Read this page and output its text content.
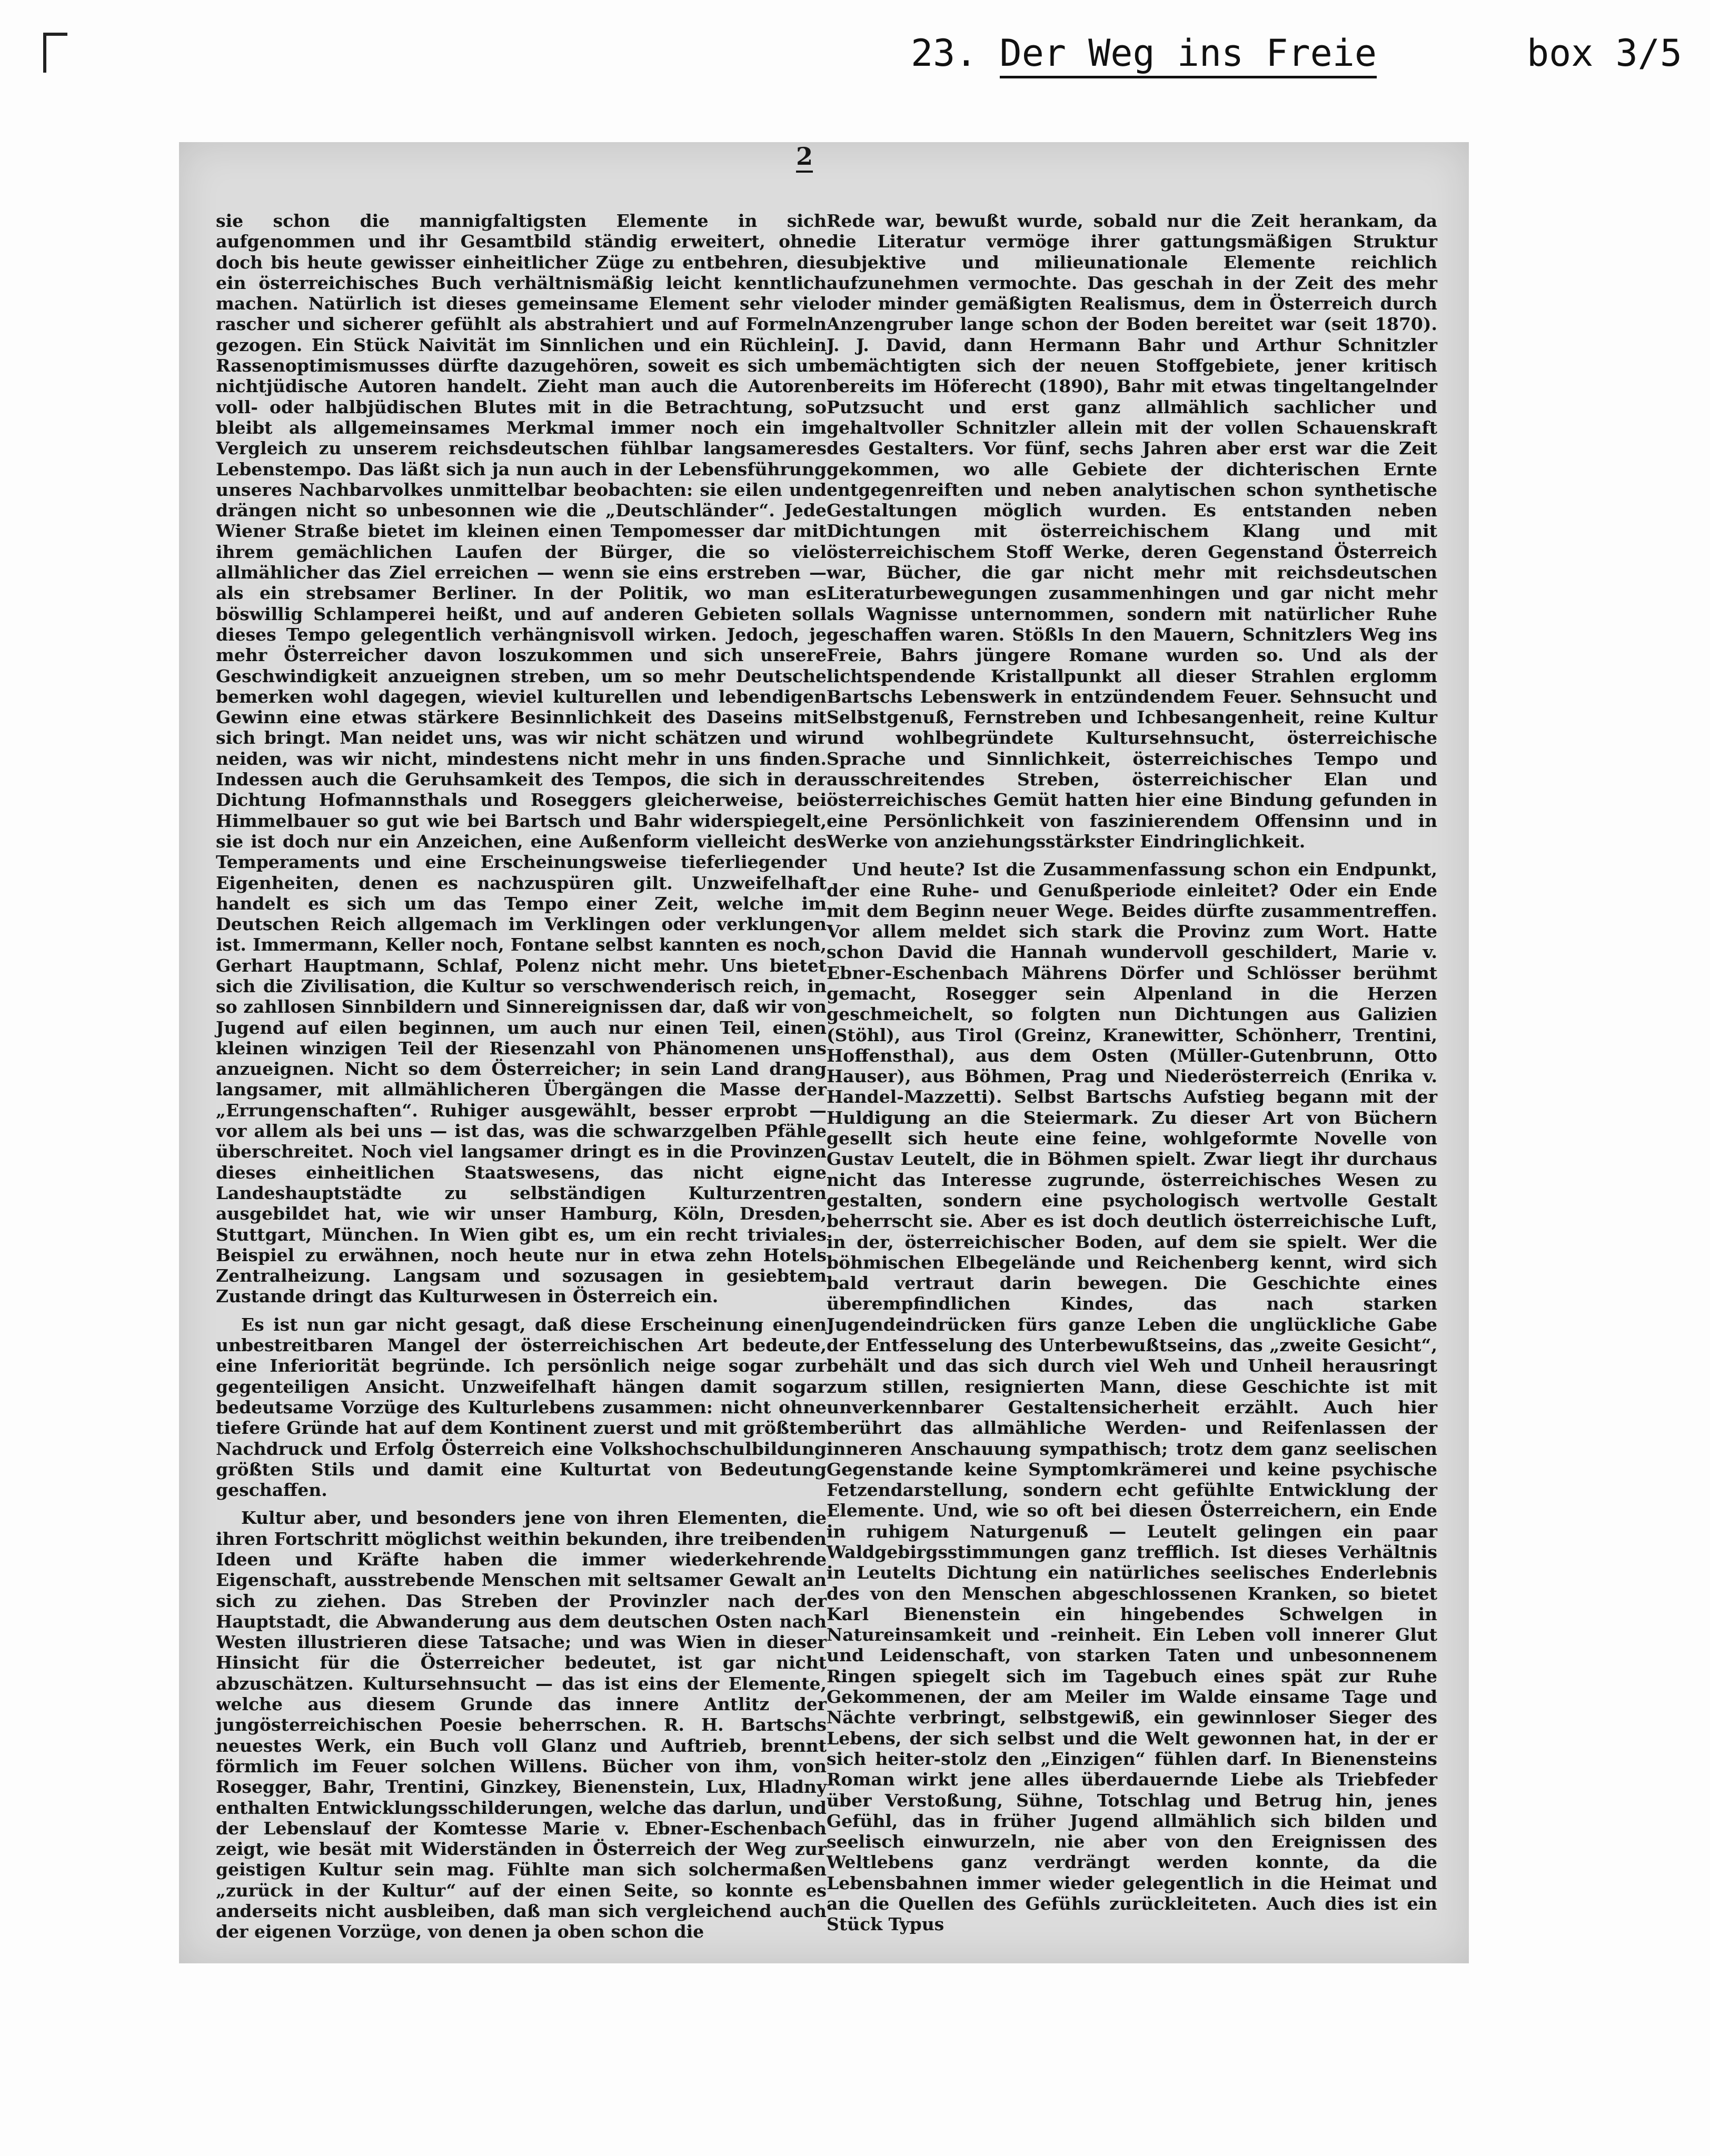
23. Der Weg ins Freie	box 3/5
2

sie schon die mannigfaltigsten Elemente in sich aufgenommen und ihr Gesamtbild ständig erweitert, ohne doch bis heute gewisser einheitlicher Züge zu entbehren, die ein österreichisches Buch verhältnismäßig leicht kenntlich machen. Natürlich ist dieses gemeinsame Element sehr viel rascher und sicherer gefühlt als abstrahiert und auf Formeln gezogen. Ein Stück Naivität im Sinnlichen und ein Rüchlein Rassenoptimismusses dürfte dazugehören, soweit es sich um nichtjüdische Autoren handelt. Zieht man auch die Autoren voll- oder halbjüdischen Blutes mit in die Betrachtung, so bleibt als allgemeinsames Merkmal immer noch ein im Vergleich zu unserem reichsdeutschen fühlbar langsameres Lebenstempo. Das läßt sich ja nun auch in der Lebensführung unseres Nachbarvolkes unmittelbar beobachten: sie eilen und drängen nicht so unbesonnen wie die „Deutschländer“. Jede Wiener Straße bietet im kleinen einen Tempomesser dar mit ihrem gemächlichen Laufen der Bürger, die so viel allmählicher das Ziel erreichen — wenn sie eins erstreben — als ein strebsamer Berliner. In der Politik, wo man es böswillig Schlamperei heißt, und auf anderen Gebieten soll dieses Tempo gelegentlich verhängnisvoll wirken. Jedoch, je mehr Österreicher davon loszukommen und sich unsere Geschwindigkeit anzueignen streben, um so mehr Deutsche bemerken wohl dagegen, wieviel kulturellen und lebendigen Gewinn eine etwas stärkere Besinnlichkeit des Daseins mit sich bringt. Man neidet uns, was wir nicht schätzen und wir neiden, was wir nicht, mindestens nicht mehr in uns finden. Indessen auch die Geruhsamkeit des Tempos, die sich in der Dichtung Hofmannsthals und Roseggers gleicherweise, bei Himmelbauer so gut wie bei Bartsch und Bahr widerspiegelt, sie ist doch nur ein Anzeichen, eine Außenform vielleicht des Temperaments und eine Erscheinungsweise tieferliegender Eigenheiten, denen es nachzuspüren gilt. Unzweifelhaft handelt es sich um das Tempo einer Zeit, welche im Deutschen Reich allgemach im Verklingen oder verklungen ist. Immermann, Keller noch, Fontane selbst kannten es noch, Gerhart Hauptmann, Schlaf, Polenz nicht mehr. Uns bietet sich die Zivilisation, die Kultur so verschwenderisch reich, in so zahllosen Sinnbildern und Sinnereignissen dar, daß wir von Jugend auf eilen beginnen, um auch nur einen Teil, einen kleinen winzigen Teil der Riesenzahl von Phänomenen uns anzueignen. Nicht so dem Österreicher; in sein Land drang langsamer, mit allmählicheren Übergängen die Masse der „Errungenschaften“. Ruhiger ausgewählt, besser erprobt — vor allem als bei uns — ist das, was die schwarzgelben Pfähle überschreitet. Noch viel langsamer dringt es in die Provinzen dieses einheitlichen Staatswesens, das nicht eigne Landeshauptstädte zu selbständigen Kulturzentren ausgebildet hat, wie wir unser Hamburg, Köln, Dresden, Stuttgart, München. In Wien gibt es, um ein recht triviales Beispiel zu erwähnen, noch heute nur in etwa zehn Hotels Zentralheizung. Langsam und sozusagen in gesiebtem Zustande dringt das Kulturwesen in Österreich ein.

Es ist nun gar nicht gesagt, daß diese Erscheinung einen unbestreitbaren Mangel der österreichischen Art bedeute, eine Inferiorität begründe. Ich persönlich neige sogar zur gegenteiligen Ansicht. Unzweifelhaft hängen damit sogar bedeutsame Vorzüge des Kulturlebens zusammen: nicht ohne tiefere Gründe hat auf dem Kontinent zuerst und mit größtem Nachdruck und Erfolg Österreich eine Volkshochschulbildung größten Stils und damit eine Kulturtat von Bedeutung geschaffen.

Kultur aber, und besonders jene von ihren Elementen, die ihren Fortschritt möglichst weithin bekunden, ihre treibenden Ideen und Kräfte haben die immer wiederkehrende Eigenschaft, ausstrebende Menschen mit seltsamer Gewalt an sich zu ziehen. Das Streben der Provinzler nach der Hauptstadt, die Abwanderung aus dem deutschen Osten nach Westen illustrieren diese Tatsache; und was Wien in dieser Hinsicht für die Österreicher bedeutet, ist gar nicht abzuschätzen. Kultursehnsucht — das ist eins der Elemente, welche aus diesem Grunde das innere Antlitz der jungösterreichischen Poesie beherrschen. R. H. Bartschs neuestes Werk, ein Buch voll Glanz und Auftrieb, brennt förmlich im Feuer solchen Willens. Bücher von ihm, von Rosegger, Bahr, Trentini, Ginzkey, Bienenstein, Lux, Hladny enthalten Entwicklungsschilderungen, welche das darlun, und der Lebenslauf der Komtesse Marie v. Ebner-Eschenbach zeigt, wie besät mit Widerständen in Österreich der Weg zur geistigen Kultur sein mag. Fühlte man sich solchermaßen „zurück in der Kultur“ auf der einen Seite, so konnte es anderseits nicht ausbleiben, daß man sich vergleichend auch der eigenen Vorzüge, von denen ja oben schon die

Rede war, bewußt wurde, sobald nur die Zeit herankam, da die Literatur vermöge ihrer gattungsmäßigen Struktur subjektive und milieunationale Elemente reichlich aufzunehmen vermochte. Das geschah in der Zeit des mehr oder minder gemäßigten Realismus, dem in Österreich durch Anzengruber lange schon der Boden bereitet war (seit 1870). J. J. David, dann Hermann Bahr und Arthur Schnitzler bemächtigten sich der neuen Stoffgebiete, jener kritisch bereits im Höferecht (1890), Bahr mit etwas tingeltangelnder Putzsucht und erst ganz allmählich sachlicher und gehaltvoller Schnitzler allein mit der vollen Schauenskraft des Gestalters. Vor fünf, sechs Jahren aber erst war die Zeit gekommen, wo alle Gebiete der dichterischen Ernte entgegenreiften und neben analytischen schon synthetische Gestaltungen möglich wurden. Es entstanden neben Dichtungen mit österreichischem Klang und mit österreichischem Stoff Werke, deren Gegenstand Österreich war, Bücher, die gar nicht mehr mit reichsdeutschen Literaturbewegungen zusammenhingen und gar nicht mehr als Wagnisse unternommen, sondern mit natürlicher Ruhe geschaffen waren. Stößls In den Mauern, Schnitzlers Weg ins Freie, Bahrs jüngere Romane wurden so. Und als der lichtspendende Kristallpunkt all dieser Strahlen erglomm Bartschs Lebenswerk in entzündendem Feuer. Sehnsucht und Selbstgenuß, Fernstreben und Ichbesangenheit, reine Kultur und wohlbegründete Kultursehnsucht, österreichische Sprache und Sinnlichkeit, österreichisches Tempo und ausschreitendes Streben, österreichischer Elan und österreichisches Gemüt hatten hier eine Bindung gefunden in eine Persönlichkeit von faszinierendem Offensinn und in Werke von anziehungsstärkster Eindringlichkeit.

Und heute? Ist die Zusammenfassung schon ein Endpunkt, der eine Ruhe- und Genußperiode einleitet? Oder ein Ende mit dem Beginn neuer Wege. Beides dürfte zusammentreffen. Vor allem meldet sich stark die Provinz zum Wort. Hatte schon David die Hannah wundervoll geschildert, Marie v. Ebner-Eschenbach Mährens Dörfer und Schlösser berühmt gemacht, Rosegger sein Alpenland in die Herzen geschmeichelt, so folgten nun Dichtungen aus Galizien (Stöhl), aus Tirol (Greinz, Kranewitter, Schönherr, Trentini, Hoffensthal), aus dem Osten (Müller-Gutenbrunn, Otto Hauser), aus Böhmen, Prag und Niederösterreich (Enrika v. Handel-Mazzetti). Selbst Bartschs Aufstieg begann mit der Huldigung an die Steiermark. Zu dieser Art von Büchern gesellt sich heute eine feine, wohlgeformte Novelle von Gustav Leutelt, die in Böhmen spielt. Zwar liegt ihr durchaus nicht das Interesse zugrunde, österreichisches Wesen zu gestalten, sondern eine psychologisch wertvolle Gestalt beherrscht sie. Aber es ist doch deutlich österreichische Luft, in der, österreichischer Boden, auf dem sie spielt. Wer die böhmischen Elbegelände und Reichenberg kennt, wird sich bald vertraut darin bewegen. Die Geschichte eines überempfindlichen Kindes, das nach starken Jugendeindrücken fürs ganze Leben die unglückliche Gabe der Entfesselung des Unterbewußtseins, das „zweite Gesicht“, behält und das sich durch viel Weh und Unheil herausringt zum stillen, resignierten Mann, diese Geschichte ist mit unverkennbarer Gestaltensicherheit erzählt. Auch hier berührt das allmähliche Werden- und Reifenlassen der inneren Anschauung sympathisch; trotz dem ganz seelischen Gegenstande keine Symptomkrämerei und keine psychische Fetzendarstellung, sondern echt gefühlte Entwicklung der Elemente. Und, wie so oft bei diesen Österreichern, ein Ende in ruhigem Naturgenuß — Leutelt gelingen ein paar Waldgebirgsstimmungen ganz trefflich. Ist dieses Verhältnis in Leutelts Dichtung ein natürliches seelisches Enderlebnis des von den Menschen abgeschlossenen Kranken, so bietet Karl Bienenstein ein hingebendes Schwelgen in Natureinsamkeit und -reinheit. Ein Leben voll innerer Glut und Leidenschaft, von starken Taten und unbesonnenem Ringen spiegelt sich im Tagebuch eines spät zur Ruhe Gekommenen, der am Meiler im Walde einsame Tage und Nächte verbringt, selbstgewiß, ein gewinnloser Sieger des Lebens, der sich selbst und die Welt gewonnen hat, in der er sich heiter-stolz den „Einzigen“ fühlen darf. In Bienensteins Roman wirkt jene alles überdauernde Liebe als Triebfeder über Verstoßung, Sühne, Totschlag und Betrug hin, jenes Gefühl, das in früher Jugend allmählich sich bilden und seelisch einwurzeln, nie aber von den Ereignissen des Weltlebens ganz verdrängt werden konnte, da die Lebensbahnen immer wieder gelegentlich in die Heimat und an die Quellen des Gefühls zurückleiteten. Auch dies ist ein Stück Typus
